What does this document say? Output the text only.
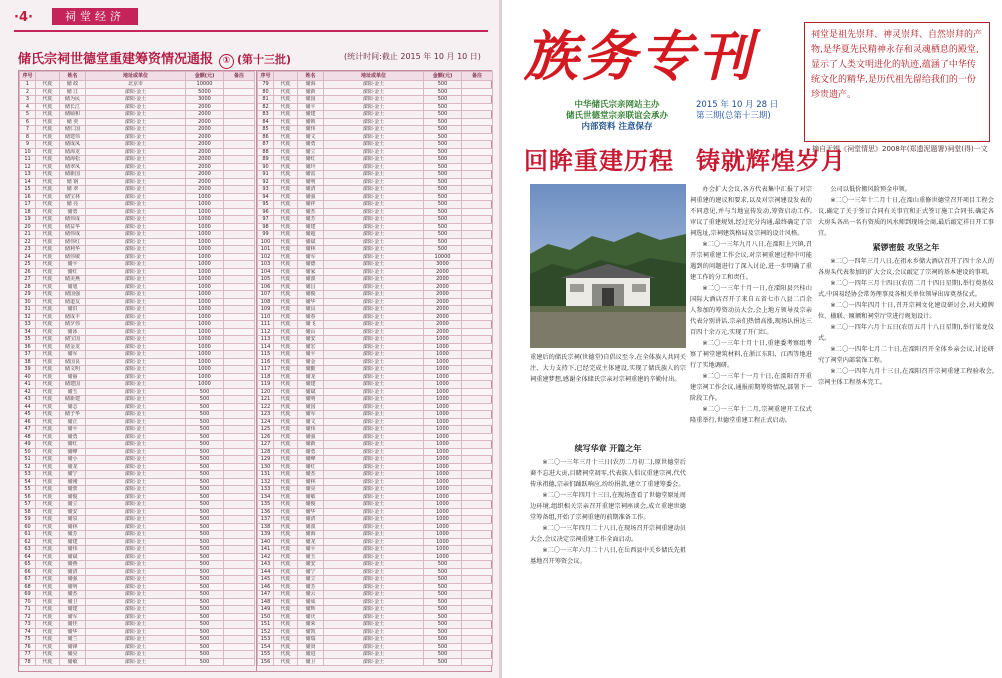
·4·	祠堂经济
储氏宗祠世德堂重建筹资情况通报 ① (第十三批)	(统计时间:截止 2015 年 10 月 10 日)
序号		姓名	地址或单位	金额(元)	备注
1	代徙	储 政	北京市	10000	
2	代徙	储 江	溧阳·金土	5000	
3	代徙	储为民	溧阳·金土	3000	
4	代徙	储长江	溧阳·金土	2000	
5	代徙	储硕和	溧阳·金土	2000	
6	代徙	储 奕	溧阳·金土	2000	
7	代徙	储仁国	溧阳·金土	2000	
8	代徙	储建伟	溧阳·金土	2000	
9	代徙	储成凤	溧阳·金土	2000	
10	代徙	储海龙	溧阳·金土	2000	
11	代徙	储海松	溧阳·金土	2000	
12	代徙	储翠凤	溧阳·金土	2000	
13	代徙	储新国	溧阳·金土	2000	
14	代徙	储 钢	溧阳·金土	2000	
15	代徙	储 翠	溧阳·金土	2000	
16	代徙	储宝林	溧阳·金土	1000	
17	代徙	储 亮	溧阳·金土	1000	
18	代徙	储勇	溧阳·金土	1000	
19	代徙	储伟成	溧阳·金土	1000	
20	代徙	储益华	溧阳·金土	1000	
21	代徙	储伟成	溧阳·金土	1000	
22	代徙	储伟红	溧阳·金土	1000	
23	代徙	储利华	溧阳·金土	1000	
24	代徙	储伟敏	溧阳·金土	1000	
25	代徙	储平	溧阳·金土	1000	
26	代徙	储红	溧阳·金土	1000	
27	代徙	储美燕	溧阳·金土	1000	
28	代徙	储旭	溧阳·金土	1000	
29	代徙	储国强	溧阳·金土	1000	
30	代徙	储道友	溧阳·金土	1000	
31	代徙	储洪	溧阳·金土	1000	
32	代徙	储成丰	溧阳·金土	1000	
33	代徙	储夕伟	溧阳·金土	1000	
34	代徙	储冰	溧阳·金土	1000	
35	代徙	储宝国	溧阳·金土	1000	
36	代徙	储金龙	溧阳·金土	1000	
37	代徙	储军	溧阳·金土	1000	
38	代徙	储国良	溧阳·金土	1000	
39	代徙	储文明	溧阳·金土	1000	
40	代徙	储丽	溧阳·金土	1000	
41	代徙	储建国	溧阳·金土	1000	
42	代徙	储玉	溧阳·金土	500	
43	代徙	储新建	溧阳·金土	500	
44	代徙	储志	溧阳·金土	500	
45	代徙	储子华	溧阳·金土	500	
46	代徙	储正	溧阳·金土	500	
47	代徙	储平	溧阳·金土	500	
48	代徙	储勇	溧阳·金土	500	
49	代徙	储红	溧阳·金土	500	
50	代徙	储峰	溧阳·金土	500	
51	代徙	储小	溧阳·金土	500	
52	代徙	储龙	溧阳·金土	500	
53	代徙	储宁	溧阳·金土	500	
54	代徙	储刚	溧阳·金土	500	
55	代徙	储蕾	溧阳·金土	500	
56	代徙	储俊	溧阳·金土	500	
57	代徙	储立	溧阳·金土	500	
58	代徙	储安	溧阳·金土	500	
59	代徙	储泉	溧阳·金土	500	
60	代徙	储林	溧阳·金土	500	
61	代徙	储芳	溧阳·金土	500	
62	代徙	储建	溧阳·金土	500	
63	代徙	储伟	溧阳·金土	500	
64	代徙	储斌	溧阳·金土	500	
65	代徙	储燕	溧阳·金土	500	
66	代徙	储清	溧阳·金土	500	
67	代徙	储强	溧阳·金土	500	
68	代徙	储明	溧阳·金土	500	
69	代徙	储杰	溧阳·金土	500	
70	代徙	储卫	溧阳·金土	500	
71	代徙	储建	溧阳·金土	500	
72	代徙	储军	溧阳·金土	500	
73	代徙	储佳	溧阳·金土	500	
74	代徙	储华	溧阳·金土	500	
75	代徙	储兰	溧阳·金土	500	
76	代徙	储锋	溧阳·金土	500	
77	代徙	储亮	溧阳·金土	500	
78	代徙	储敏	溧阳·金土	500	
序号		姓名	地址或单位	金额(元)	备注
79	代徙	储海	溧阳·金土	500	
80	代徙	储新	溧阳·金土	500	
81	代徙	储国	溧阳·金土	500	
82	代徙	储平	溧阳·金土	500	
83	代徙	储建	溧阳·金土	500	
84	代徙	储锁	溧阳·金土	500	
85	代徙	储伟	溧阳·金土	500	
86	代徙	储文	溧阳·金土	500	
87	代徙	储勇	溧阳·金土	500	
88	代徙	储立	溧阳·金土	500	
89	代徙	储红	溧阳·金土	500	
90	代徙	储玲	溧阳·金土	500	
91	代徙	储雷	溧阳·金土	500	
92	代徙	储明	溧阳·金土	500	
93	代徙	储清	溧阳·金土	500	
94	代徙	储强	溧阳·金土	500	
95	代徙	储祥	溧阳·金土	500	
96	代徙	储杰	溧阳·金土	500	
97	代徙	储芳	溧阳·金土	500	
98	代徙	储建	溧阳·金土	500	
99	代徙	储超	溧阳·金土	500	
100	代徙	储斌	溧阳·金土	500	
101	代徙	储林	溧阳·金土	500	
102	代徙	储军	溧阳·金土	10000	
103	代徙	储德	溧阳·金土	3000	
104	代徙	储家	溧阳·金土	2000	
105	代徙	储波	溧阳·金土	2000	
106	代徙	储昌	溧阳·金土	2000	
107	代徙	储俊	溧阳·金土	2000	
108	代徙	储华	溧阳·金土	2000	
109	代徙	储良	溧阳·金土	2000	
110	代徙	储春	溧阳·金土	2000	
111	代徙	储飞	溧阳·金土	2000	
112	代徙	储山	溧阳·金土	2000	
113	代徙	储安	溧阳·金土	1000	
114	代徙	储宏	溧阳·金土	1000	
115	代徙	储平	溧阳·金土	1000	
116	代徙	储金	溧阳·金土	1000	
117	代徙	储勤	溧阳·金土	1000	
118	代徙	储龙	溧阳·金土	1000	
119	代徙	储建	溧阳·金土	1000	
120	代徙	储斌	溧阳·金土	1000	
121	代徙	储明	溧阳·金土	1000	
122	代徙	储国	溧阳·金土	1000	
123	代徙	储军	溧阳·金土	1000	
124	代徙	储文	溧阳·金土	1000	
125	代徙	储伟	溧阳·金土	1000	
126	代徙	储强	溧阳·金土	1000	
127	代徙	储新	溧阳·金土	1000	
128	代徙	储勇	溧阳·金土	1000	
129	代徙	储峰	溧阳·金土	1000	
130	代徙	储红	溧阳·金土	1000	
131	代徙	储杰	溧阳·金土	1000	
132	代徙	储林	溧阳·金土	1000	
133	代徙	储亮	溧阳·金土	1000	
134	代徙	储敏	溧阳·金土	1000	
135	代徙	储俊	溧阳·金土	1000	
136	代徙	储华	溧阳·金土	1000	
137	代徙	储清	溧阳·金土	1000	
138	代徙	储波	溧阳·金土	1000	
139	代徙	储海	溧阳·金土	1000	
140	代徙	储龙	溧阳·金土	1000	
141	代徙	储平	溧阳·金土	1000	
142	代徙	储玉	溧阳·金土	1000	
143	代徙	储安	溧阳·金土	500	
144	代徙	储宁	溧阳·金土	500	
145	代徙	储立	溧阳·金土	500	
146	代徙	储芳	溧阳·金土	500	
147	代徙	储云	溧阳·金土	500	
148	代徙	储成	溧阳·金土	500	
149	代徙	储辉	溧阳·金土	500	
150	代徙	储庆	溧阳·金土	500	
151	代徙	储荣	溧阳·金土	500	
152	代徙	储凯	溧阳·金土	500	
153	代徙	储瑞	溧阳·金土	500	
154	代徙	储贤	溧阳·金土	500	
155	代徙	储进	溧阳·金土	500	
156	代徙	储卫	溧阳·金土	500	
族务专刊	祠堂是祖先崇拜、神灵崇拜、自然崇拜的产物,是华夏先民精神永存和灵魂栖息的殿堂,显示了人类文明进化的轨迹,蕴涵了中华传统文化的精华,是历代祖先留给我们的一份珍贵遗产。
摘自无锡《祠堂情思》2008年(郑遗泥题署)祠堂(得)一文
中华储氏宗亲网站主办
储氏世德堂宗亲联谊会承办
内部资料 注意保存
2015 年 10 月 28 日
第三期(总第十三期)
回眸重建历程 铸就辉煌岁月
重建后的储氏宗祠(世德堂)自倡议至今,在全体族人共同关注、大力支持下,已经完成主体建设,实现了储氏族人的宗祠重建梦想,感谢全体储氏宗亲对宗祠重建的辛勤付出。
续写华章 开篇之年
※二〇一三年三月十三日(农历二月初二),原世德堂后裔不忘进大贡,目睹祠堂凋零,代表族人倡议重建宗祠,代代传承祖德,宗亲们踊跃响应,纷纷捐款,建立了重建筹委会。
※二〇一三年四月十三日,在现场查看了世德堂原址周边环境,组织相关宗亲召开重建宗祠座谈会,成立重建世德堂筹备组,开始了宗祠重建的前期准备工作。
※二〇一三年四月二十八日,在现场召开宗祠重建动员大会,会议决定宗祠重建工作全面启动。
※二〇一三年六月二十八日,在岳西县中关乡储氏先祖墓地召开筹资会议。
办会扩大会议,各方代表集中汇报了对宗祠重建的建议和要求,以及对宗祠建设发表的不同意见,并与当地宣传发动,筹资启动工作,审议了重建规划,经过充分沟通,最终确定了宗祠选址,宗祠建筑格局及宗祠的设计风格。
※二〇一三年九月八日,在溧阳上兴镇,召开宗祠重建工作会议,对宗祠重建过程中可能遇到的问题进行了深入讨论,进一步明确了重建工作的分工和责任。
※二〇一三年十月一日,在溧阳县兴桂山国际大酒店召开了来自五省七市八县二百余人参加的筹资动员大会,会上地方领导及宗亲代表分别讲话,宗亲们热情高涨,现场认捐达三百四十余万元,实现了开门红。
※二〇一三年十月十日,重建委考察组考察了祠堂建筑材料,在浙江东阳、江西等地进行了实地调研。
※二〇一三年十一月十日,在溧阳召开重建宗祠工作会议,通报前期筹资情况,部署下一阶段工作。
※二〇一三年十二月,宗祠重建开工仪式隆重举行,世德堂重建工程正式启动。
公司以低价搬风险预金申领。
※二〇一三年十二月十日,在溧山重修世德堂召开项目工程会议,确定了关于签订合同有关事宜和正式签订施工合同书,确定各大房头各出一名有资质的风水师到现场会商,最后敲定祥日开工事宜。
紧锣密鼓 攻坚之年
※二〇一四年三月八日,在祖永乡储大酒店召开了四十余人的各房头代表参加的扩大会议,会议敲定了宗祠的基本建设的事项。
※二〇一四年三月十四日(农历二月十四日星期),举行奠基仪式,中国易经协会常务理事及各相关单位领导出席奠基仪式。
※二〇一四年四月十日,召开宗祠文化建设研讨会,对大殿牌位、楹联、匾额和祠堂厅堂进行规划设计。
※二〇一四年六月十五日(农历五月十八日星期),举行梁龙仪式。
※二〇一四年七月二十日,在溧阳召开全体乡亲会议,讨论研究了祠堂内部装饰工程。
※二〇一四年九月十三日,在溧阳召开宗祠重建工程验收会,宗祠主体工程基本完工。
